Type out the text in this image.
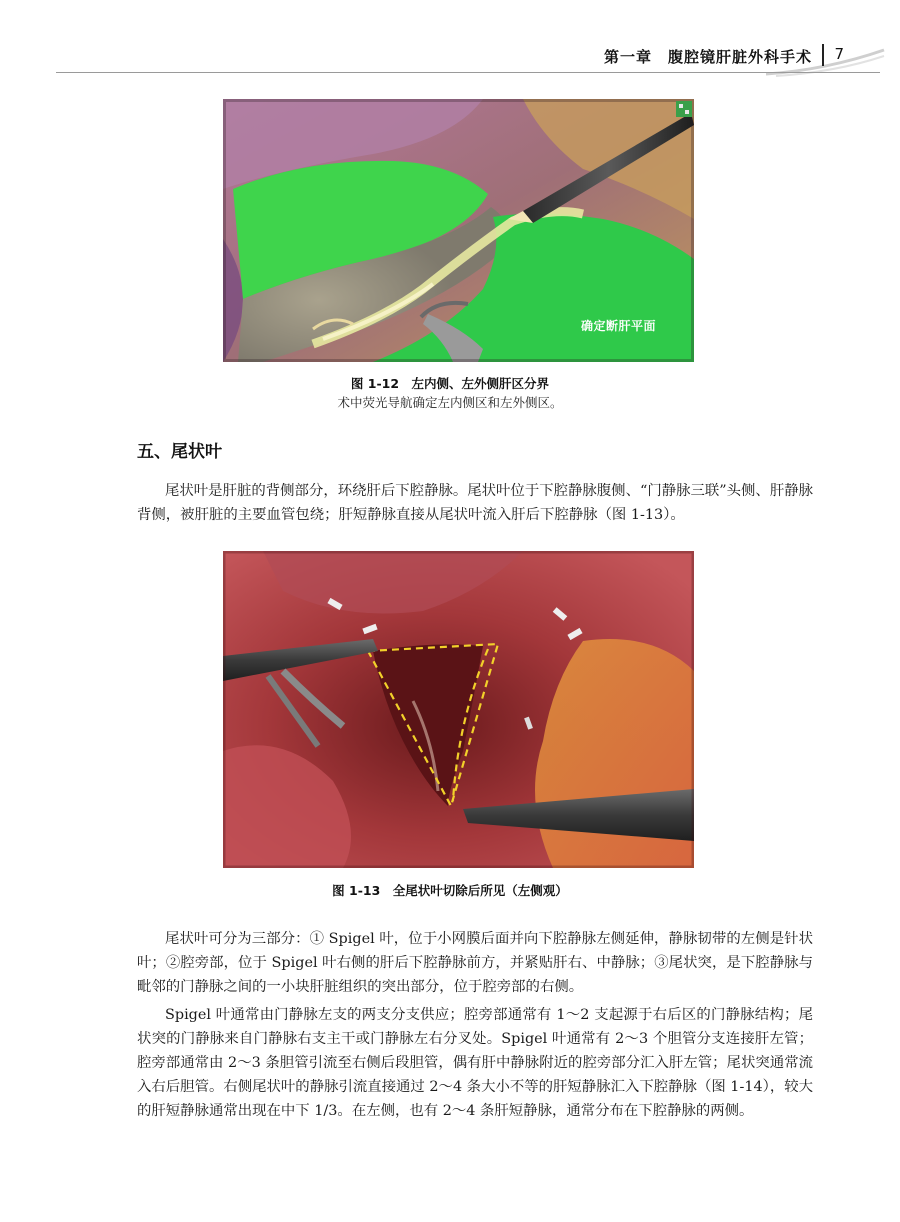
第一章　腹腔镜肝脏外科手术 7
确定断肝平面
图 1-12　左内侧、左外侧肝区分界
术中荧光导航确定左内侧区和左外侧区。
五、尾状叶

尾状叶是肝脏的背侧部分，环绕肝后下腔静脉。尾状叶位于下腔静脉腹侧、“门静脉三联”头侧、肝静脉背侧，被肝脏的主要血管包绕；肝短静脉直接从尾状叶流入肝后下腔静脉（图 1-13）。

图 1-13　全尾状叶切除后所见（左侧观）

尾状叶可分为三部分：① Spigel 叶，位于小网膜后面并向下腔静脉左侧延伸，静脉韧带的左侧是针状叶；②腔旁部，位于 Spigel 叶右侧的肝后下腔静脉前方，并紧贴肝右、中静脉；③尾状突，是下腔静脉与毗邻的门静脉之间的一小块肝脏组织的突出部分，位于腔旁部的右侧。

Spigel 叶通常由门静脉左支的两支分支供应；腔旁部通常有 1～2 支起源于右后区的门静脉结构；尾状突的门静脉来自门静脉右支主干或门静脉左右分叉处。Spigel 叶通常有 2～3 个胆管分支连接肝左管；腔旁部通常由 2～3 条胆管引流至右侧后段胆管，偶有肝中静脉附近的腔旁部分汇入肝左管；尾状突通常流入右后胆管。右侧尾状叶的静脉引流直接通过 2～4 条大小不等的肝短静脉汇入下腔静脉（图 1-14），较大的肝短静脉通常出现在中下 1/3。在左侧，也有 2～4 条肝短静脉，通常分布在下腔静脉的两侧。
